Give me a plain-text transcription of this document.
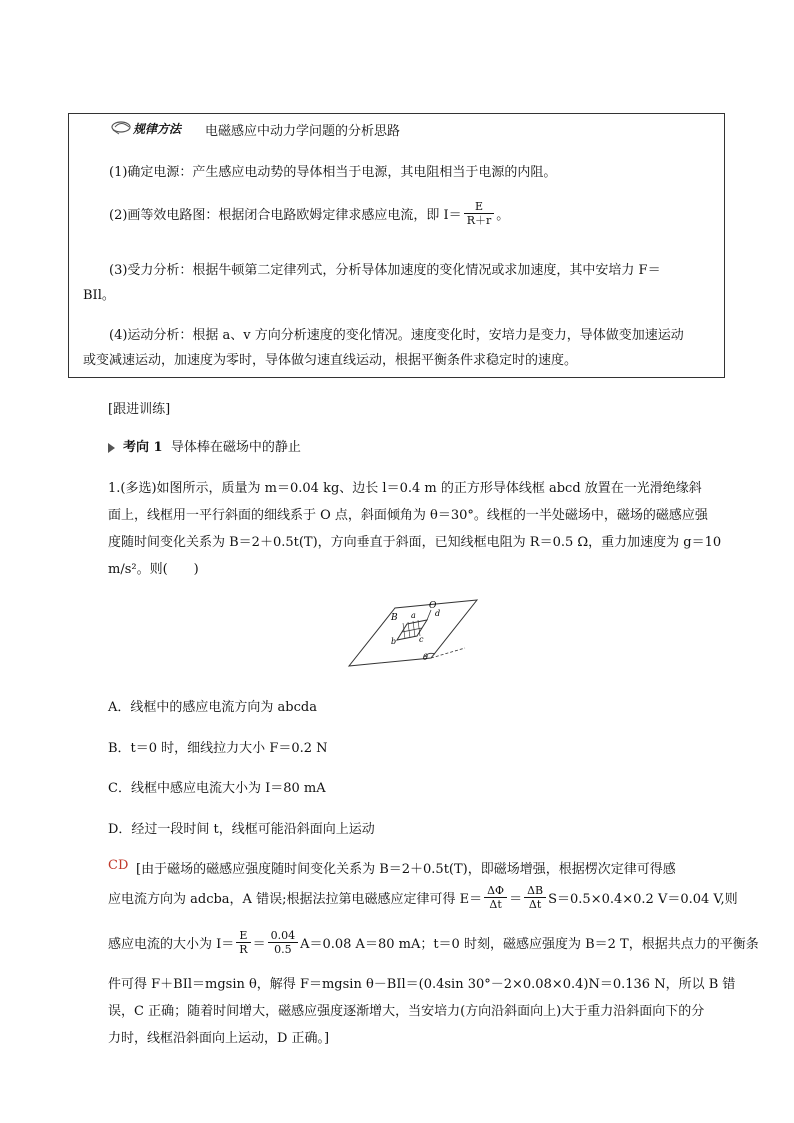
规律方法 电磁感应中动力学问题的分析思路
(1)确定电源：产生感应电动势的导体相当于电源，其电阻相当于电源的内阻。
(2)画等效电路图：根据闭合电路欧姆定律求感应电流，即 $I= \frac{E}{R+r}$ 。
(3)受力分析：根据牛顿第二定律列式，分析导体加速度的变化情况或求加速度，其中安培力 F＝
BIl。
(4)运动分析：根据 a、v 方向分析速度的变化情况。速度变化时，安培力是变力，导体做变加速运动
或变减速运动，加速度为零时，导体做匀速直线运动，根据平衡条件求稳定时的速度。
[跟进训练]
考向 1 导体棒在磁场中的静止
1.(多选)如图所示，质量为 m＝0.04 kg、边长 l＝0.4 m 的正方形导体线框 abcd 放置在一光滑绝缘斜
面上，线框用一平行斜面的细线系于 O 点，斜面倾角为 θ＝30°。线框的一半处磁场中，磁场的磁感应强
度随时间变化关系为 B＝2＋0.5t(T)，方向垂直于斜面，已知线框电阻为 R＝0.5 Ω，重力加速度为 g＝10
m/s²。则(　　)
B
O
a
b	c
d
θ
A．线框中的感应电流方向为 abcda
B．t＝0 时，细线拉力大小 F＝0.2 N
C．线框中感应电流大小为 I＝80 mA
D．经过一段时间 t，线框可能沿斜面向上运动
CD [由于磁场的磁感应强度随时间变化关系为 B＝2＋0.5t(T)，即磁场增强，根据楞次定律可得感
应电流方向为 adcba，A 错误;根据法拉第电磁感应定律可得 $E= \frac{\Delta\Phi}{\Delta t} = \frac{\Delta B}{\Delta t} S=0.5\times 0.4\times 0.2$ V＝0.04 V,则
感应电流的大小为 $I= \frac{E}{R} = \frac{0.04}{0.5} A=0.08$ A＝80 mA；t＝0 时刻，磁感应强度为 B＝2 T，根据共点力的平衡条
件可得 F＋BIl＝mgsin θ，解得 F＝mgsin θ－BIl＝(0.4sin 30°－2×0.08×0.4)N＝0.136 N，所以 B 错
误，C 正确；随着时间增大，磁感应强度逐渐增大，当安培力(方向沿斜面向上)大于重力沿斜面向下的分
力时，线框沿斜面向上运动，D 正确。]
